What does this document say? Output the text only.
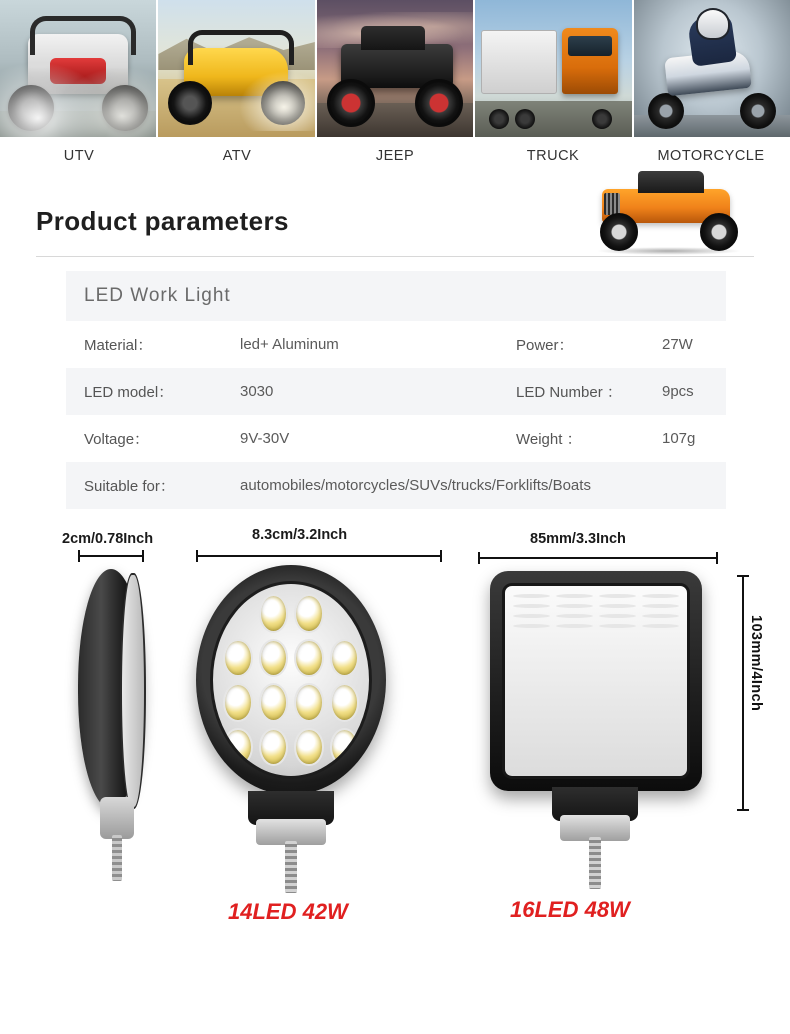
UTV	ATV	JEEP	TRUCK	MOTORCYCLE
Product parameters
LED Work Light			
Material：	led+ Aluminum	Power：	27W
LED model：	3030	LED Number ：	9pcs
Voltage：	9V-30V	Weight ：	107g
Suitable for：	automobiles/motorcycles/SUVs/trucks/Forklifts/Boats		
2cm/0.78Inch	8.3cm/3.2Inch	85mm/3.3Inch
103mm/4Inch
14LED 42W	16LED 48W
